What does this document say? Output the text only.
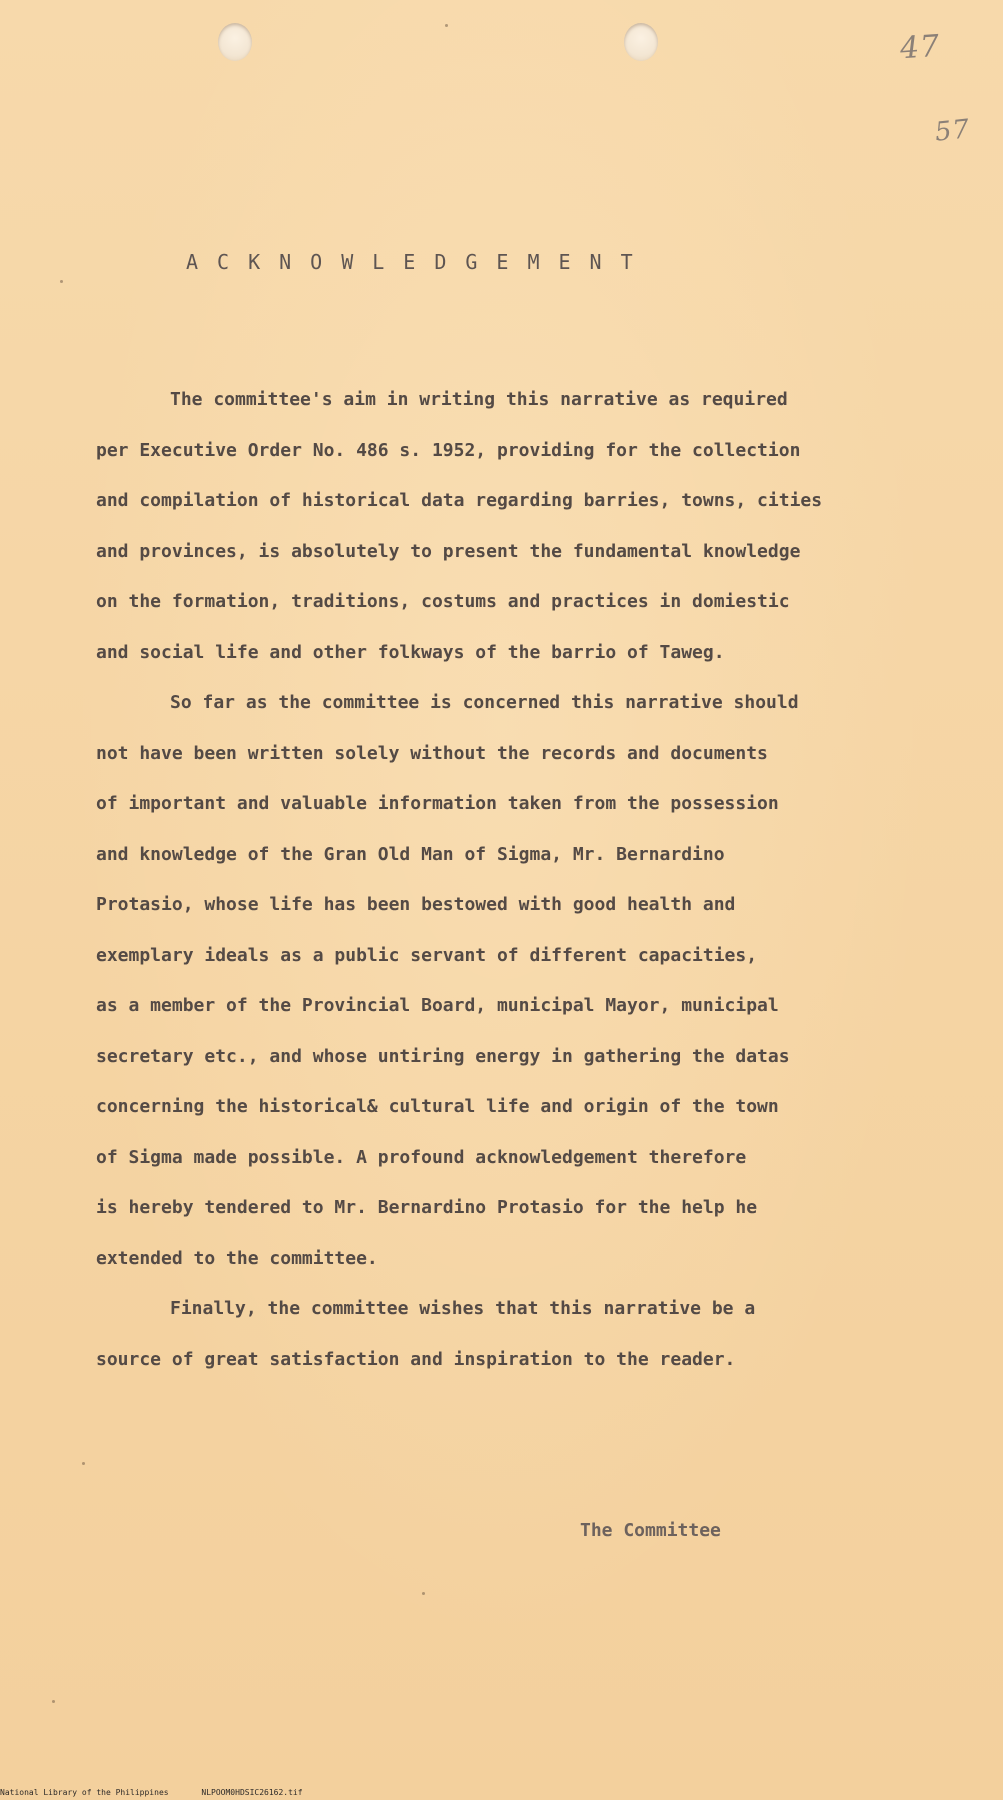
47
57
ACKNOWLEDGEMENT
The committee's aim in writing this narrative as required
per Executive Order No. 486 s. 1952, providing for the collection
and compilation of historical data regarding barries, towns, cities
and provinces, is absolutely to present the fundamental knowledge
on the formation, traditions, costums and practices in domiestic
and social life and other folkways of the barrio of Taweg.
So far as the committee is concerned this narrative should
not have been written solely without the records and documents
of important and valuable information taken from the possession
and knowledge of the Gran Old Man of Sigma, Mr. Bernardino
Protasio, whose life has been bestowed with good health and
exemplary ideals as a public servant of different capacities,
as a member of the Provincial Board, municipal Mayor, municipal
secretary etc., and whose untiring energy in gathering the datas
concerning the historical& cultural life and origin of the town
of Sigma made possible. A profound acknowledgement therefore
is hereby tendered to Mr. Bernardino Protasio for the help he
extended to the committee.
Finally, the committee wishes that this narrative be a
source of great satisfaction and inspiration to the reader.
The Committee
National Library of the Philippines	NLPOOM0HDSIC26162.tif
